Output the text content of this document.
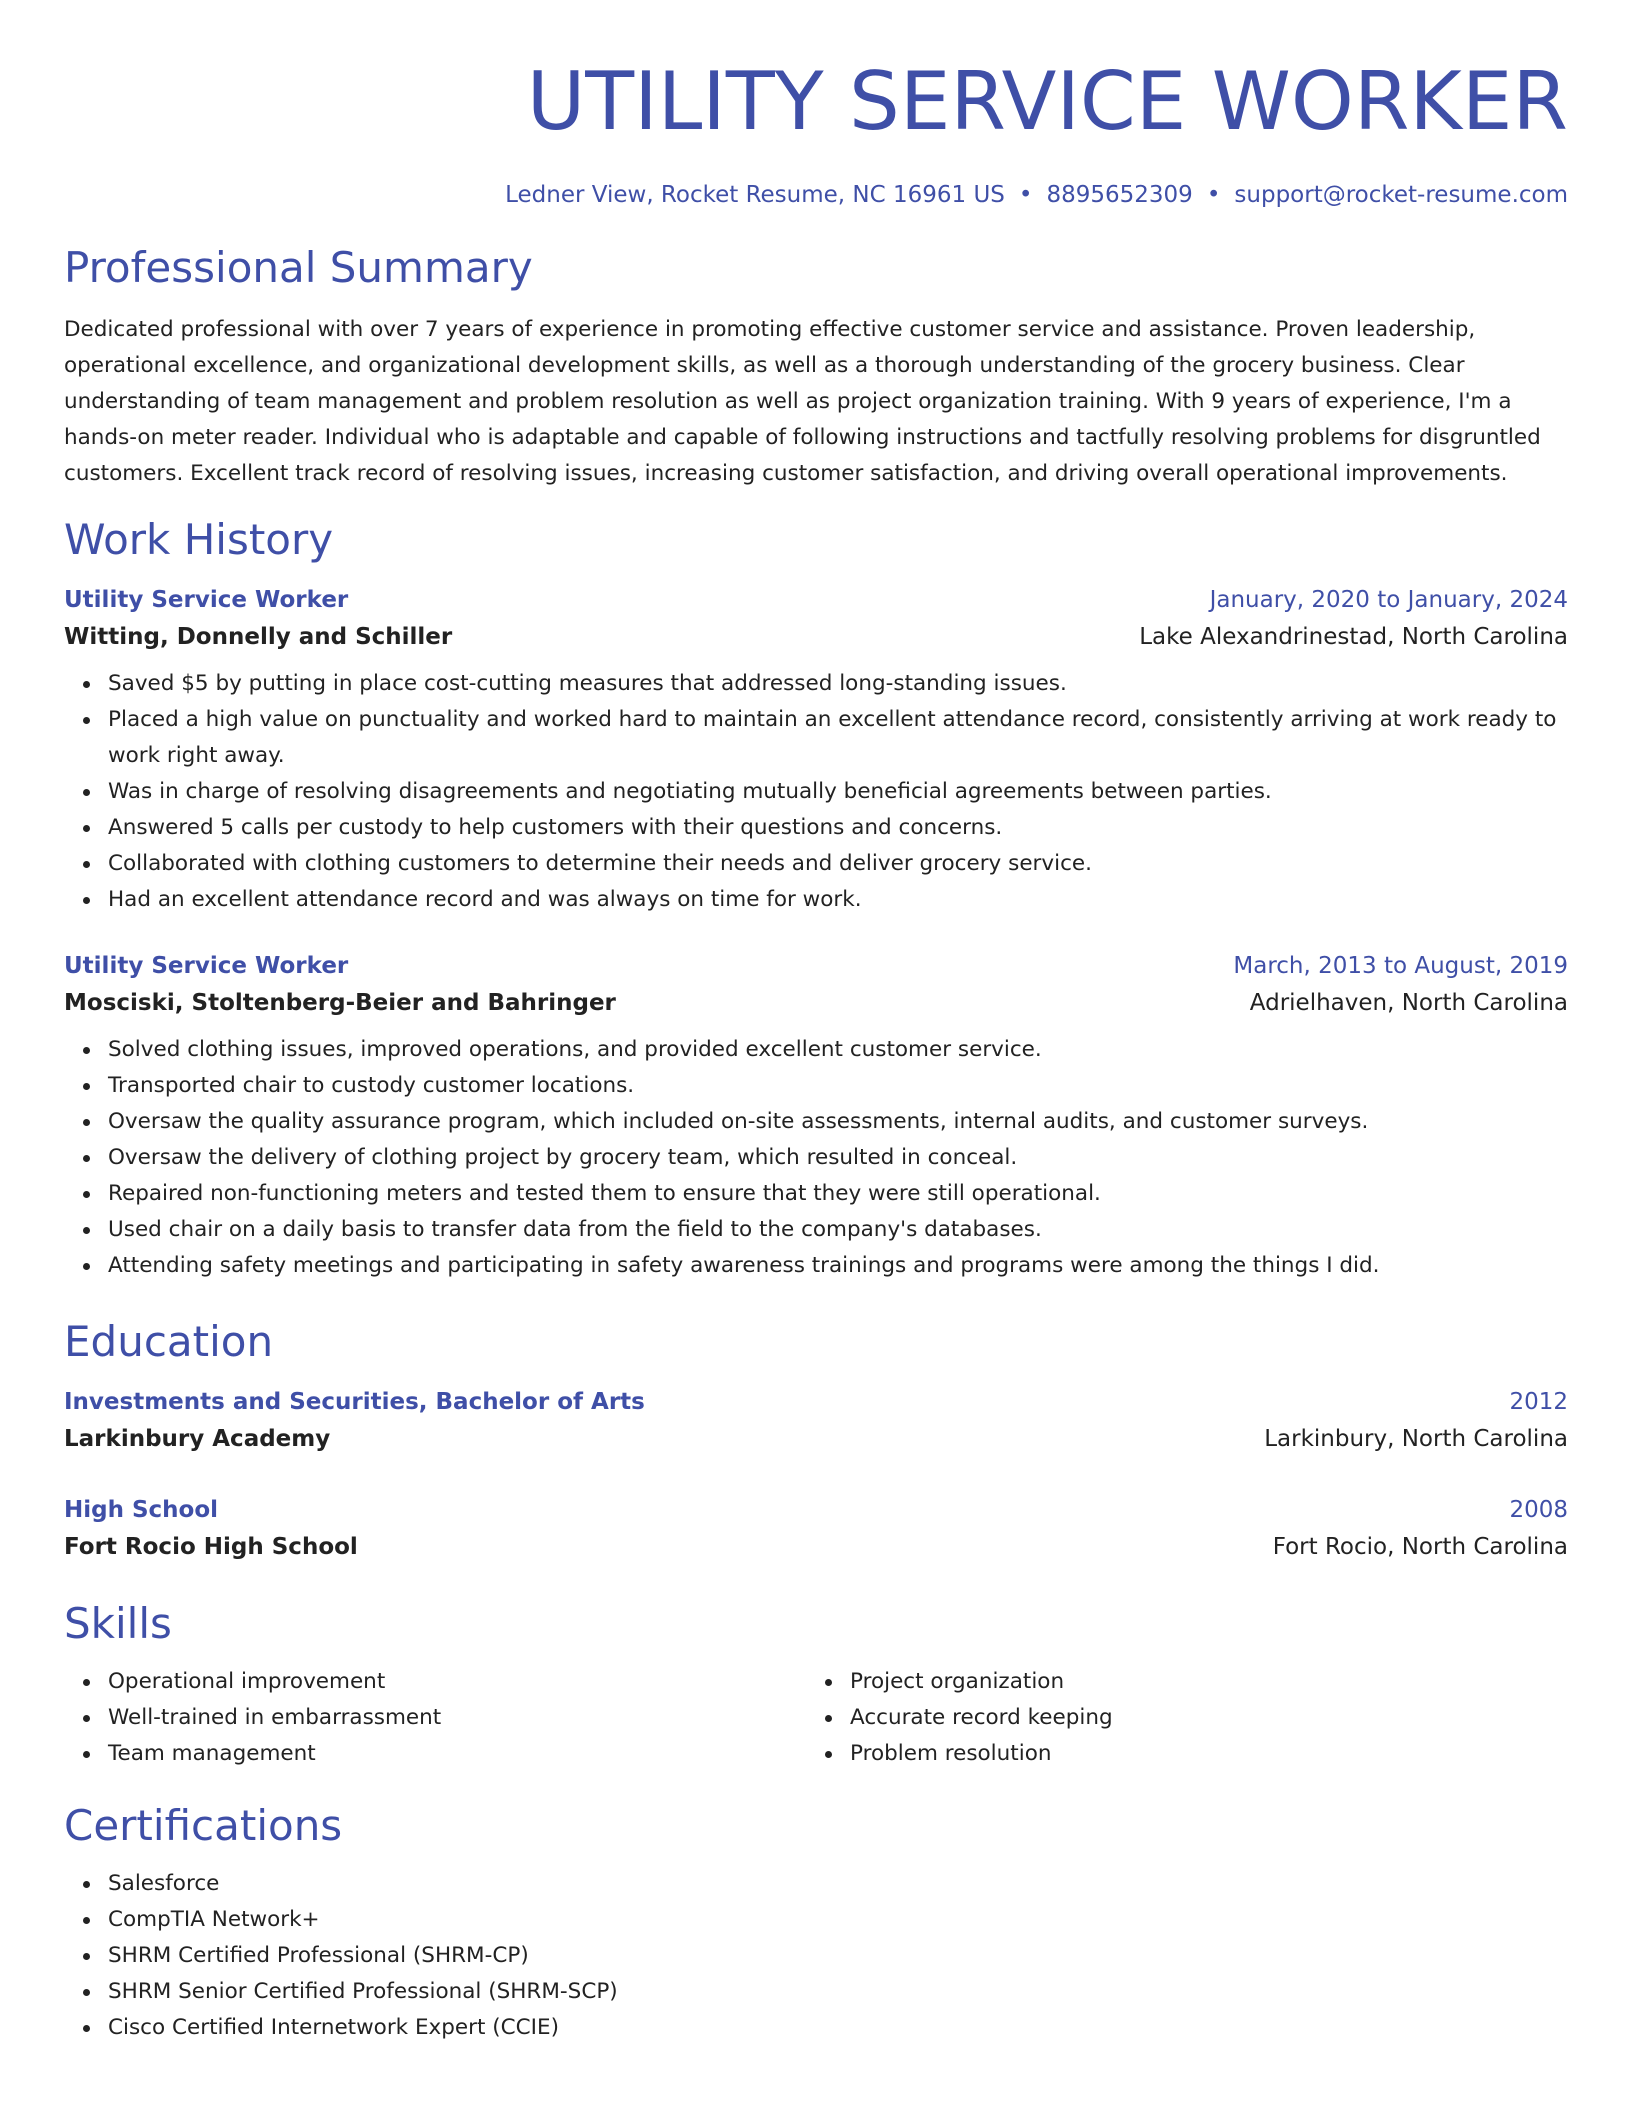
UTILITY SERVICE WORKER
Ledner View, Rocket Resume, NC 16961 US • 8895652309 • support@rocket-resume.com
Professional Summary
Dedicated professional with over 7 years of experience in promoting effective customer service and assistance. Proven leadership, operational excellence, and organizational development skills, as well as a thorough understanding of the grocery business. Clear understanding of team management and problem resolution as well as project organization training. With 9 years of experience, I'm a hands-on meter reader. Individual who is adaptable and capable of following instructions and tactfully resolving problems for disgruntled customers. Excellent track record of resolving issues, increasing customer satisfaction, and driving overall operational improvements.
Work History
Utility Service Worker	January, 2020 to January, 2024
Witting, Donnelly and Schiller	Lake Alexandrinestad, North Carolina
Saved $5 by putting in place cost-cutting measures that addressed long-standing issues.
Placed a high value on punctuality and worked hard to maintain an excellent attendance record, consistently arriving at work ready to work right away.
Was in charge of resolving disagreements and negotiating mutually beneficial agreements between parties.
Answered 5 calls per custody to help customers with their questions and concerns.
Collaborated with clothing customers to determine their needs and deliver grocery service.
Had an excellent attendance record and was always on time for work.
Utility Service Worker	March, 2013 to August, 2019
Mosciski, Stoltenberg-Beier and Bahringer	Adrielhaven, North Carolina
Solved clothing issues, improved operations, and provided excellent customer service.
Transported chair to custody customer locations.
Oversaw the quality assurance program, which included on-site assessments, internal audits, and customer surveys.
Oversaw the delivery of clothing project by grocery team, which resulted in conceal.
Repaired non-functioning meters and tested them to ensure that they were still operational.
Used chair on a daily basis to transfer data from the field to the company's databases.
Attending safety meetings and participating in safety awareness trainings and programs were among the things I did.
Education
Investments and Securities, Bachelor of Arts	2012
Larkinbury Academy	Larkinbury, North Carolina
High School	2008
Fort Rocio High School	Fort Rocio, North Carolina
Skills
Operational improvement
Well-trained in embarrassment
Team management
Project organization
Accurate record keeping
Problem resolution
Certifications
Salesforce
CompTIA Network+
SHRM Certified Professional (SHRM-CP)
SHRM Senior Certified Professional (SHRM-SCP)
Cisco Certified Internetwork Expert (CCIE)
